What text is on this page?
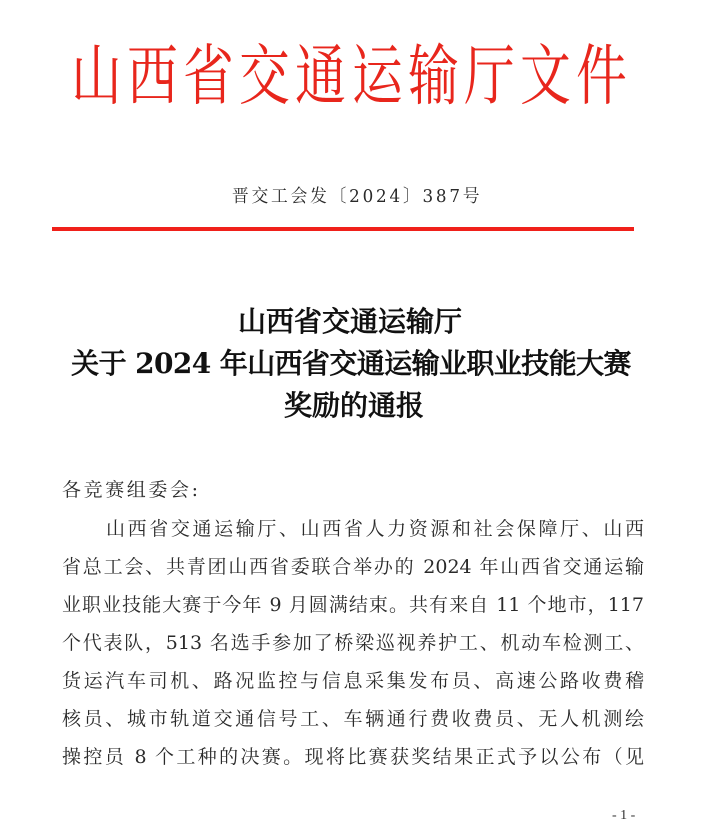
山 西 省 交 通 运 输 厅 文 件
晋交工会发〔2024〕387号
山西省交通运输厅
关于 2024 年山西省交通运输业职业技能大赛
奖励的通报
各竞赛组委会:
山西省交通运输厅、山西省人力资源和社会保障厅、山西
省总工会、共青团山西省委联合举办的 2024 年山西省交通运输
业职业技能大赛于今年 9 月圆满结束。共有来自 11 个地市，117
个代表队，513 名选手参加了桥梁巡视养护工、机动车检测工、
货运汽车司机、路况监控与信息采集发布员、高速公路收费稽
核员、城市轨道交通信号工、车辆通行费收费员、无人机测绘
操控员 8 个工种的决赛。现将比赛获奖结果正式予以公布（见
- 1 -
